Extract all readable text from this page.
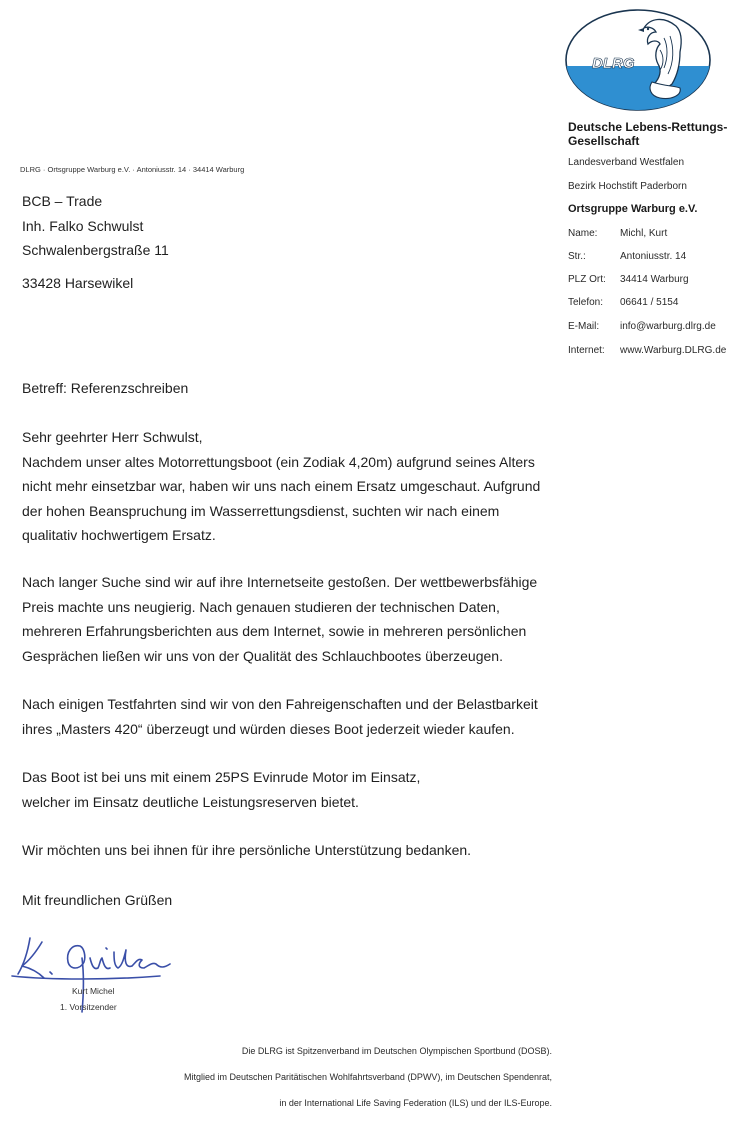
DLRG
Deutsche Lebens-Rettungs-
Gesellschaft
Landesverband Westfalen
Bezirk Hochstift Paderborn
Ortsgruppe Warburg e.V.
Name: Michl, Kurt
Str.:	Antoniusstr. 14
PLZ Ort: 34414 Warburg
Telefon: 06641 / 5154
E-Mail: info@warburg.dlrg.de
Internet: www.Warburg.DLRG.de
DLRG · Ortsgruppe Warburg e.V. · Antoniusstr. 14 · 34414 Warburg
BCB – Trade
Inh. Falko Schwulst
Schwalenbergstraße 11
33428 Harsewikel

Betreff: Referenzschreiben

Sehr geehrter Herr Schwulst,

Nachdem unser altes Motorrettungsboot (ein Zodiak 4,20m) aufgrund seines Alters

nicht mehr einsetzbar war, haben wir uns nach einem Ersatz umgeschaut. Aufgrund

der hohen Beanspruchung im Wasserrettungsdienst, suchten wir nach einem

qualitativ hochwertigem Ersatz.

Nach langer Suche sind wir auf ihre Internetseite gestoßen. Der wettbewerbsfähige

Preis machte uns neugierig. Nach genauen studieren der technischen Daten,

mehreren Erfahrungsberichten aus dem Internet, sowie in mehreren persönlichen

Gesprächen ließen wir uns von der Qualität des Schlauchbootes überzeugen.

Nach einigen Testfahrten sind wir von den Fahreigenschaften und der Belastbarkeit

ihres „Masters 420“ überzeugt und würden dieses Boot jederzeit wieder kaufen.

Das Boot ist bei uns mit einem 25PS Evinrude Motor im Einsatz,

welcher im Einsatz deutliche Leistungsreserven bietet.

Wir möchten uns bei ihnen für ihre persönliche Unterstützung bedanken.

Mit freundlichen Grüßen

Kurt Michel
1. Vorsitzender
Die DLRG ist Spitzenverband im Deutschen Olympischen Sportbund (DOSB).
Mitglied im Deutschen Paritätischen Wohlfahrtsverband (DPWV), im Deutschen Spendenrat,
in der International Life Saving Federation (ILS) und der ILS-Europe.
